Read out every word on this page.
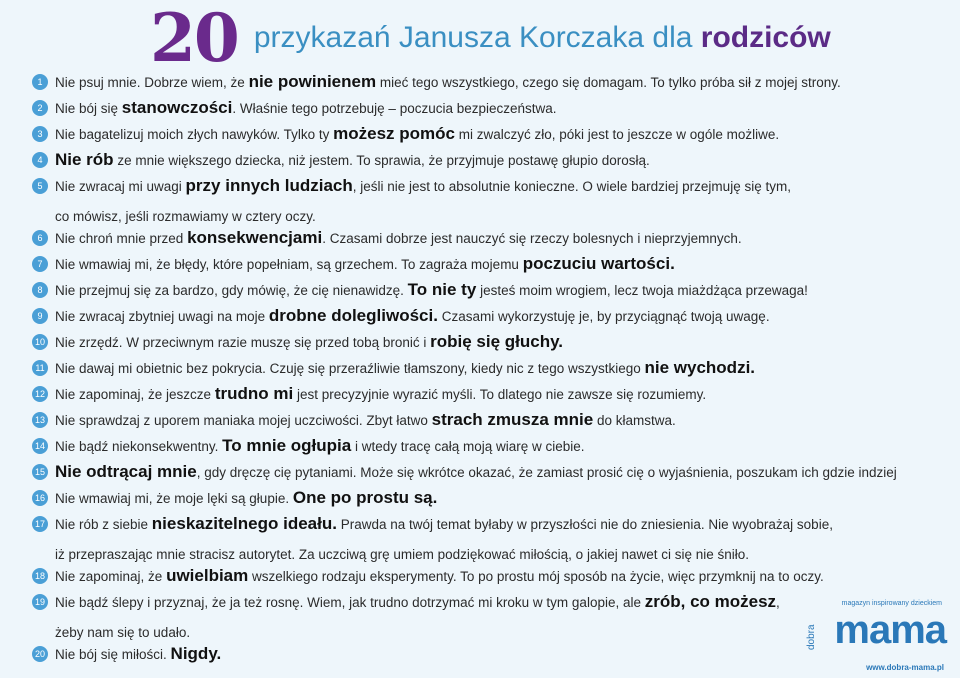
20 przykazań Janusza Korczaka dla rodziców
1 Nie psuj mnie. Dobrze wiem, że nie powinienem mieć tego wszystkiego, czego się domagam. To tylko próba sił z mojej strony.
2 Nie bój się stanowczości. Właśnie tego potrzebuję – poczucia bezpieczeństwa.
3 Nie bagatelizuj moich złych nawyków. Tylko ty możesz pomóc mi zwalczyć zło, póki jest to jeszcze w ogóle możliwe.
4 Nie rób ze mnie większego dziecka, niż jestem. To sprawia, że przyjmuje postawę głupio dorosłą.
5 Nie zwracaj mi uwagi przy innych ludziach, jeśli nie jest to absolutnie konieczne. O wiele bardziej przejmuję się tym,
co mówisz, jeśli rozmawiamy w cztery oczy.
6 Nie chroń mnie przed konsekwencjami. Czasami dobrze jest nauczyć się rzeczy bolesnych i nieprzyjemnych.
7 Nie wmawiaj mi, że błędy, które popełniam, są grzechem. To zagraża mojemu poczuciu wartości.
8 Nie przejmuj się za bardzo, gdy mówię, że cię nienawidzę. To nie ty jesteś moim wrogiem, lecz twoja miażdżąca przewaga!
9 Nie zwracaj zbytniej uwagi na moje drobne dolegliwości. Czasami wykorzystuję je, by przyciągnąć twoją uwagę.
10 Nie zrzędź. W przeciwnym razie muszę się przed tobą bronić i robię się głuchy.
11 Nie dawaj mi obietnic bez pokrycia. Czuję się przeraźliwie tłamszony, kiedy nic z tego wszystkiego nie wychodzi.
12 Nie zapominaj, że jeszcze trudno mi jest precyzyjnie wyrazić myśli. To dlatego nie zawsze się rozumiemy.
13 Nie sprawdzaj z uporem maniaka mojej uczciwości. Zbyt łatwo strach zmusza mnie do kłamstwa.
14 Nie bądź niekonsekwentny. To mnie ogłupia i wtedy tracę całą moją wiarę w ciebie.
15 Nie odtrącaj mnie, gdy dręczę cię pytaniami. Może się wkrótce okazać, że zamiast prosić cię o wyjaśnienia, poszukam ich gdzie indziej
16 Nie wmawiaj mi, że moje lęki są głupie. One po prostu są.
17 Nie rób z siebie nieskazitelnego ideału. Prawda na twój temat byłaby w przyszłości nie do zniesienia. Nie wyobrażaj sobie,
iż przepraszając mnie stracisz autorytet. Za uczciwą grę umiem podziękować miłością, o jakiej nawet ci się nie śniło.
18 Nie zapominaj, że uwielbiam wszelkiego rodzaju eksperymenty. To po prostu mój sposób na życie, więc przymknij na to oczy.
19 Nie bądź ślepy i przyznaj, że ja też rosnę. Wiem, jak trudno dotrzymać mi kroku w tym galopie, ale zrób, co możesz,
żeby nam się to udało.
20 Nie bój się miłości. Nigdy.
magazyn inspirowany dzieckiem
dobra mama
www.dobra-mama.pl
